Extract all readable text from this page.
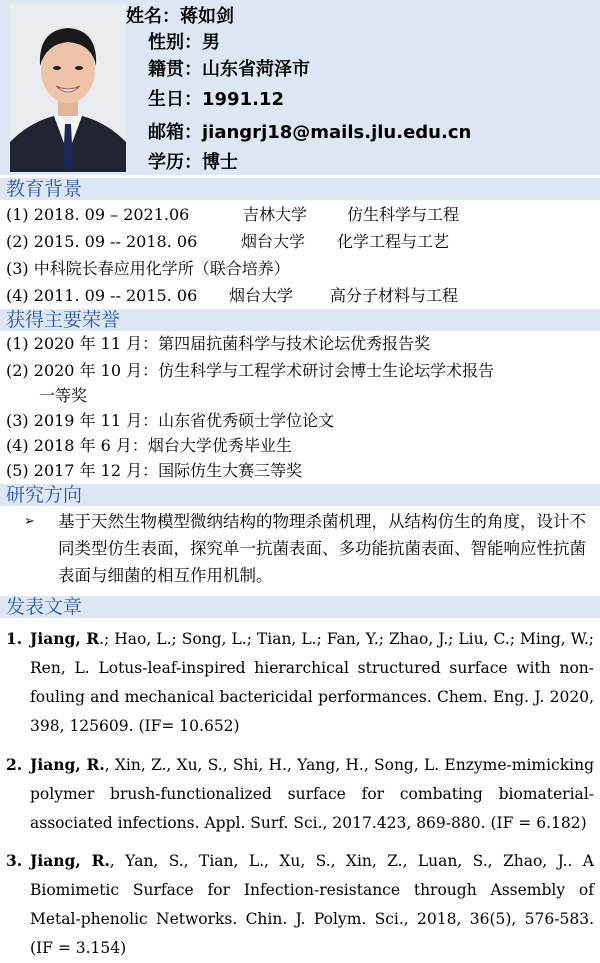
姓名：蒋如剑
性别：男
籍贯：山东省菏泽市
生日：1991.12
邮箱：jiangrj18@mails.jlu.edu.cn
学历：博士
教育背景
(1) 2018. 09 – 2021.06	吉林大学 仿生科学与工程
(2) 2015. 09 -- 2018. 06	烟台大学 化学工程与工艺
(3) 中科院长春应用化学所（联合培养）
(4) 2011. 09 -- 2015. 06 烟台大学 高分子材料与工程
获得主要荣誉
(1) 2020 年 11 月：第四届抗菌科学与技术论坛优秀报告奖
(2) 2020 年 10 月：仿生科学与工程学术研讨会博士生论坛学术报告
一等奖
(3) 2019 年 11 月：山东省优秀硕士学位论文
(4) 2018 年 6 月：烟台大学优秀毕业生
(5) 2017 年 12 月：国际仿生大赛三等奖
研究方向
➢ 基于天然生物模型微纳结构的物理杀菌机理，从结构仿生的角度，设计不同类型仿生表面，探究单一抗菌表面、多功能抗菌表面、智能响应性抗菌表面与细菌的相互作用机制。
发表文章
1. Jiang, R.; Hao, L.; Song, L.; Tian, L.; Fan, Y.; Zhao, J.; Liu, C.; Ming, W.; Ren, L. Lotus-leaf-inspired hierarchical structured surface with non-fouling and mechanical bactericidal performances. Chem. Eng. J. 2020, 398, 125609. (IF= 10.652)
2. Jiang, R., Xin, Z., Xu, S., Shi, H., Yang, H., Song, L. Enzyme-mimicking polymer brush-functionalized surface for combating biomaterial-associated infections. Appl. Surf. Sci., 2017.423, 869-880. (IF = 6.182)
3. Jiang, R., Yan, S., Tian, L., Xu, S., Xin, Z., Luan, S., Zhao, J.. A Biomimetic Surface for Infection-resistance through Assembly of Metal-phenolic Networks. Chin. J. Polym. Sci., 2018, 36(5), 576-583. (IF = 3.154)
